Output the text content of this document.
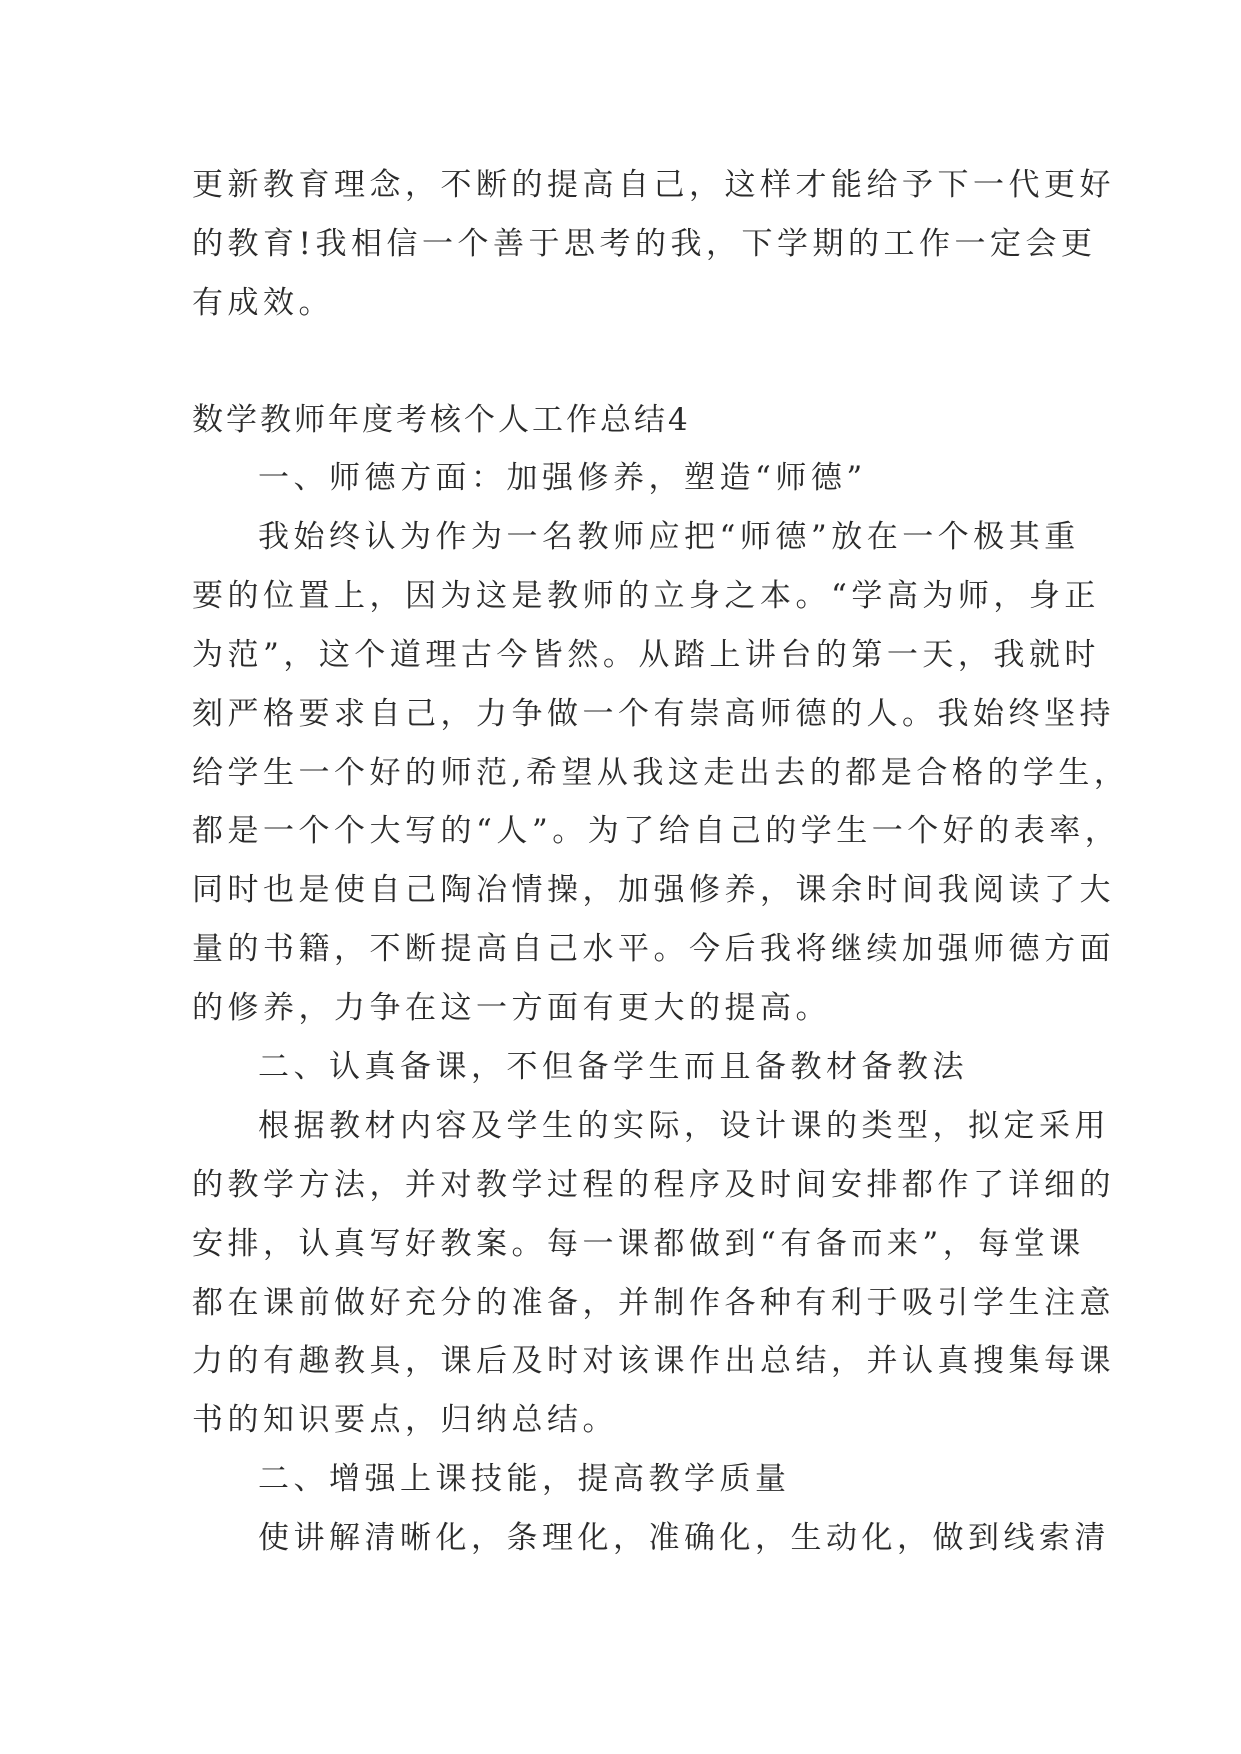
更新教育理念，不断的提高自己，这样才能给予下一代更好
的教育!我相信一个善于思考的我，下学期的工作一定会更
有成效。
数学教师年度考核个人工作总结4
一、师德方面：加强修养，塑造“师德”
我始终认为作为一名教师应把“师德”放在一个极其重
要的位置上，因为这是教师的立身之本。“学高为师，身正
为范”，这个道理古今皆然。从踏上讲台的第一天，我就时
刻严格要求自己，力争做一个有崇高师德的人。我始终坚持
给学生一个好的师范,希望从我这走出去的都是合格的学生，
都是一个个大写的“人”。为了给自己的学生一个好的表率，
同时也是使自己陶冶情操，加强修养，课余时间我阅读了大
量的书籍，不断提高自己水平。今后我将继续加强师德方面
的修养，力争在这一方面有更大的提高。
二、认真备课，不但备学生而且备教材备教法
根据教材内容及学生的实际，设计课的类型，拟定采用
的教学方法，并对教学过程的程序及时间安排都作了详细的
安排，认真写好教案。每一课都做到“有备而来”，每堂课
都在课前做好充分的准备，并制作各种有利于吸引学生注意
力的有趣教具，课后及时对该课作出总结，并认真搜集每课
书的知识要点，归纳总结。
二、增强上课技能，提高教学质量
使讲解清晰化，条理化，准确化，生动化，做到线索清
